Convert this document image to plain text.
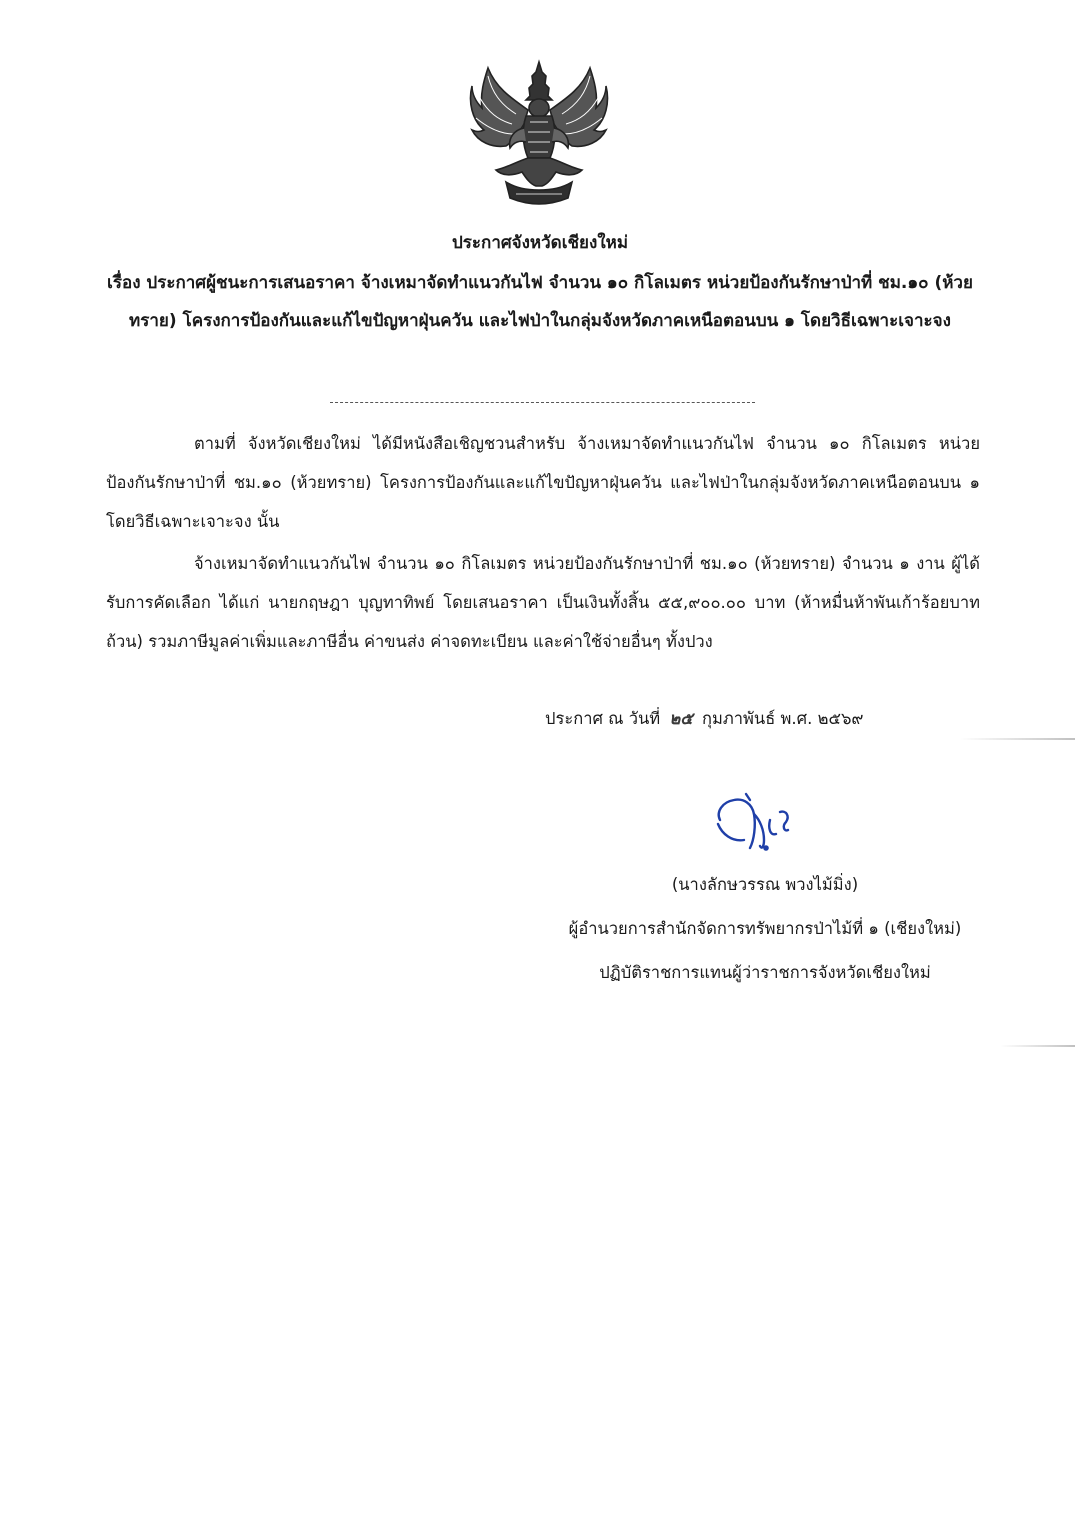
ประกาศจังหวัดเชียงใหม่

เรื่อง ประกาศผู้ชนะการเสนอราคา จ้างเหมาจัดทำแนวกันไฟ จำนวน ๑๐ กิโลเมตร หน่วยป้องกันรักษาป่าที่ ชม.๑๐ (ห้วยทราย) โครงการป้องกันและแก้ไขปัญหาฝุ่นควัน และไฟป่าในกลุ่มจังหวัดภาคเหนือตอนบน ๑ โดยวิธีเฉพาะเจาะจง

ตามที่ จังหวัดเชียงใหม่ ได้มีหนังสือเชิญชวนสำหรับ จ้างเหมาจัดทำแนวกันไฟ จำนวน ๑๐ กิโลเมตร หน่วยป้องกันรักษาป่าที่ ชม.๑๐ (ห้วยทราย) โครงการป้องกันและแก้ไขปัญหาฝุ่นควัน และไฟป่าในกลุ่มจังหวัดภาคเหนือตอนบน ๑ โดยวิธีเฉพาะเจาะจง นั้น

จ้างเหมาจัดทำแนวกันไฟ จำนวน ๑๐ กิโลเมตร หน่วยป้องกันรักษาป่าที่ ชม.๑๐ (ห้วยทราย) จำนวน ๑ งาน ผู้ได้รับการคัดเลือก ได้แก่ นายกฤษฎา บุญทาทิพย์ โดยเสนอราคา เป็นเงินทั้งสิ้น ๕๕,๙๐๐.๐๐ บาท (ห้าหมื่นห้าพันเก้าร้อยบาทถ้วน) รวมภาษีมูลค่าเพิ่มและภาษีอื่น ค่าขนส่ง ค่าจดทะเบียน และค่าใช้จ่ายอื่นๆ ทั้งปวง

ประกาศ ณ วันที่ ๒๕ กุมภาพันธ์ พ.ศ. ๒๕๖๙
(นางลักษวรรณ พวงไม้มิ่ง)
ผู้อำนวยการสำนักจัดการทรัพยากรป่าไม้ที่ ๑ (เชียงใหม่)
ปฏิบัติราชการแทนผู้ว่าราชการจังหวัดเชียงใหม่
